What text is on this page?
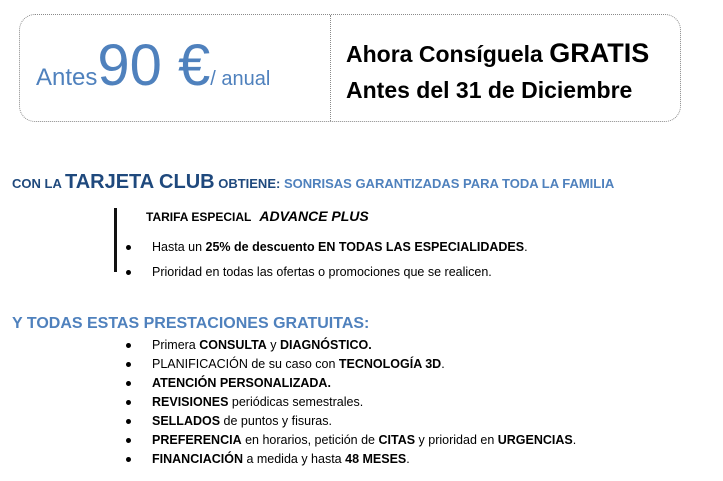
Antes90 €/ anual
Ahora Consíguela GRATIS
Antes del 31 de Diciembre
CON LA TARJETA CLUB OBTIENE: SONRISAS GARANTIZADAS PARA TODA LA FAMILIA
TARIFA ESPECIAL ADVANCE PLUS
Hasta un 25% de descuento EN TODAS LAS ESPECIALIDADES.
Prioridad en todas las ofertas o promociones que se realicen.
Y TODAS ESTAS PRESTACIONES GRATUITAS:
Primera CONSULTA y DIAGNÓSTICO.
PLANIFICACIÓN de su caso con TECNOLOGÍA 3D.
ATENCIÓN PERSONALIZADA.
REVISIONES periódicas semestrales.
SELLADOS de puntos y fisuras.
PREFERENCIA en horarios, petición de CITAS y prioridad en URGENCIAS.
FINANCIACIÓN a medida y hasta 48 MESES.
